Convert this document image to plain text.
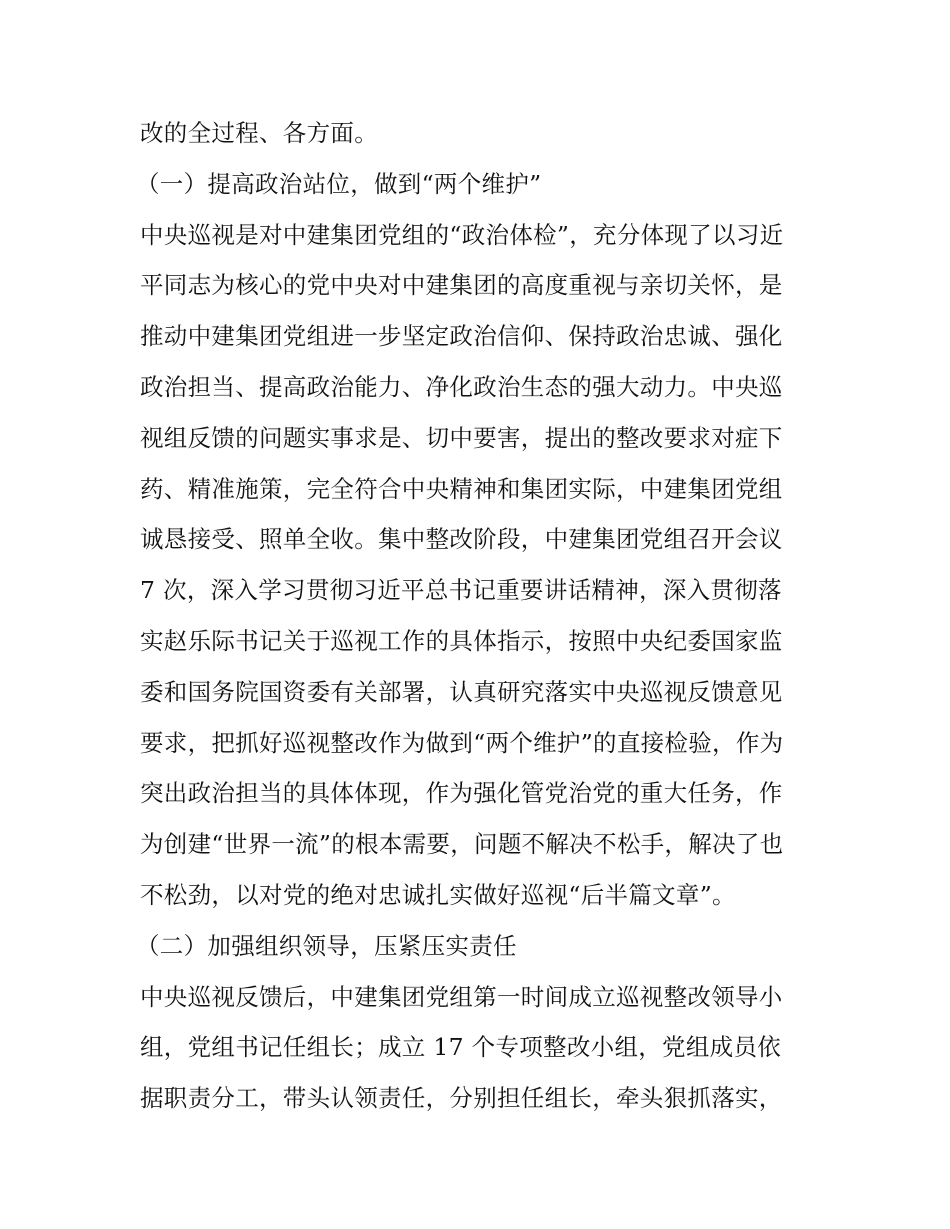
改的全过程、各方面。
（一）提高政治站位，做到“两个维护”
中央巡视是对中建集团党组的“政治体检”，充分体现了以习近
平同志为核心的党中央对中建集团的高度重视与亲切关怀，是
推动中建集团党组进一步坚定政治信仰、保持政治忠诚、强化
政治担当、提高政治能力、净化政治生态的强大动力。中央巡
视组反馈的问题实事求是、切中要害，提出的整改要求对症下
药、精准施策，完全符合中央精神和集团实际，中建集团党组
诚恳接受、照单全收。集中整改阶段，中建集团党组召开会议
7 次，深入学习贯彻习近平总书记重要讲话精神，深入贯彻落
实赵乐际书记关于巡视工作的具体指示，按照中央纪委国家监
委和国务院国资委有关部署，认真研究落实中央巡视反馈意见
要求，把抓好巡视整改作为做到“两个维护”的直接检验，作为
突出政治担当的具体体现，作为强化管党治党的重大任务，作
为创建“世界一流”的根本需要，问题不解决不松手，解决了也
不松劲，以对党的绝对忠诚扎实做好巡视“后半篇文章”。
（二）加强组织领导，压紧压实责任
中央巡视反馈后，中建集团党组第一时间成立巡视整改领导小
组，党组书记任组长；成立 17 个专项整改小组，党组成员依
据职责分工，带头认领责任，分别担任组长，牵头狠抓落实，
